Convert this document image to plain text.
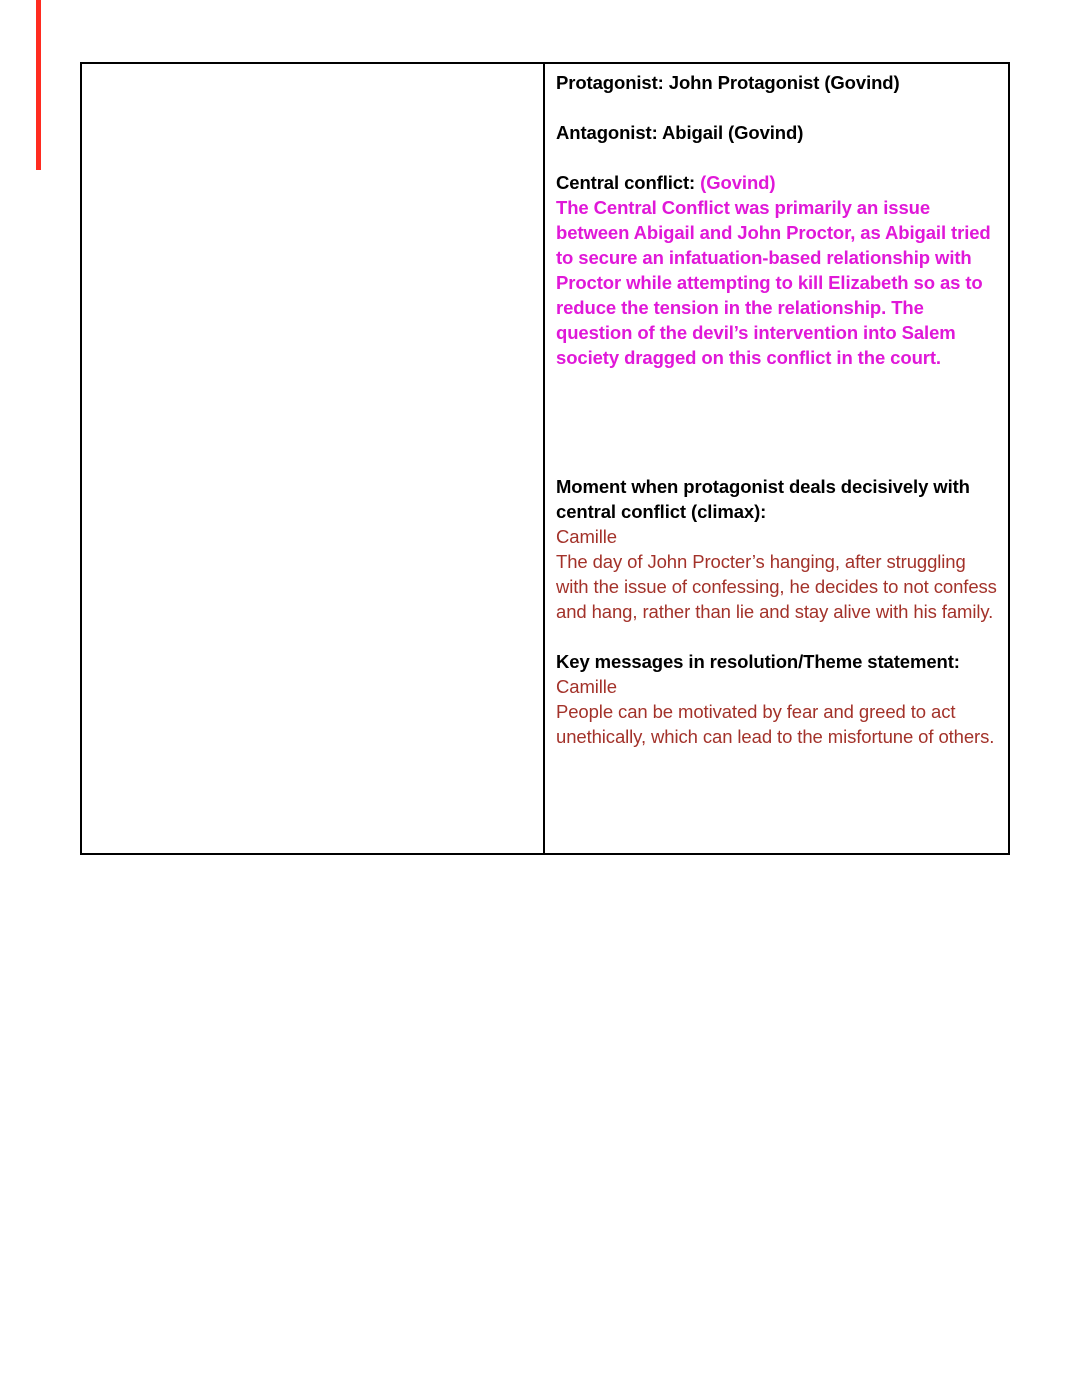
Protagonist: John Protagonist (Govind)

Antagonist: Abigail (Govind)

Central conflict: (Govind)

The Central Conflict was primarily an issue between Abigail and John Proctor, as Abigail tried to secure an infatuation-based relationship with Proctor while attempting to kill Elizabeth so as to reduce the tension in the relationship. The question of the devil’s intervention into Salem society dragged on this conflict in the court.

Moment when protagonist deals decisively with central conflict (climax):

Camille

The day of John Procter’s hanging, after struggling with the issue of confessing, he decides to not confess and hang, rather than lie and stay alive with his family.

Key messages in resolution/Theme statement:

Camille

People can be motivated by fear and greed to act unethically, which can lead to the misfortune of others.
